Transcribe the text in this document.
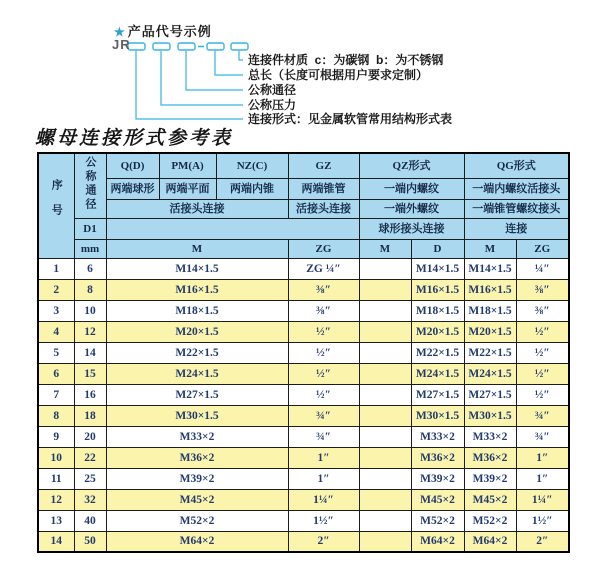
★ 产品代号示例
JR
连接件材质  c：为碳钢  b：为不锈钢
总长（长度可根据用户要求定制）
公称通径
公称压力
连接形式：见金属软管常用结构形式表
螺母连接形式参考表
序号	公称通径	Q(D)	PM(A)	NZ(C)	GZ	QZ形式		QG形式	
		两端球形	两端平面	两端内锥	两端锥管	一端内螺纹		一端内螺纹活接头	
		活接头连接			活接头连接	一端外螺纹		一端锥管螺纹接头	
	D1					球形接头连接		连接	
	mm	M			ZG	M	D	M	ZG
1	6	M14×1.5			ZG ¼″		M14×1.5	M14×1.5	¼″
2	8	M16×1.5			⅜″		M16×1.5	M16×1.5	⅜″
3	10	M18×1.5			⅜″		M18×1.5	M18×1.5	⅜″
4	12	M20×1.5			½″		M20×1.5	M20×1.5	½″
5	14	M22×1.5			½″		M22×1.5	M22×1.5	½″
6	15	M24×1.5			½″		M24×1.5	M24×1.5	½″
7	16	M27×1.5			½″		M27×1.5	M27×1.5	½″
8	18	M30×1.5			¾″		M30×1.5	M30×1.5	¾″
9	20	M33×2			¾″		M33×2	M33×2	¾″
10	22	M36×2			1″		M36×2	M36×2	1″
11	25	M39×2			1″		M39×2	M39×2	1″
12	32	M45×2			1¼″		M45×2	M45×2	1¼″
13	40	M52×2			1½″		M52×2	M52×2	1½″
14	50	M64×2			2″		M64×2	M64×2	2″
